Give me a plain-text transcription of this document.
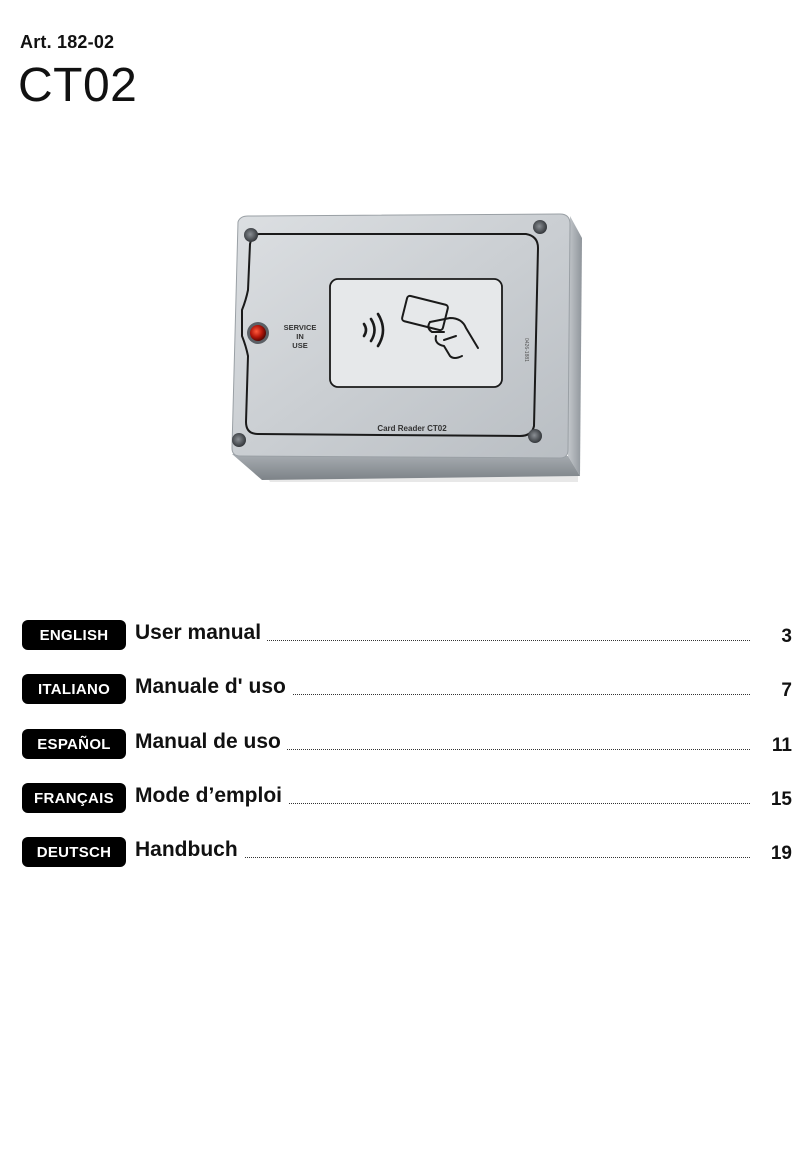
Art. 182-02
CT02
SERVICE
IN
USE	0426-1881
Card Reader CT02
ENGLISH	User manual	3
ITALIANO	Manuale d' uso	7
ESPAÑOL	Manual de uso	11
FRANÇAIS	Mode d’emploi	15
DEUTSCH	Handbuch	19
